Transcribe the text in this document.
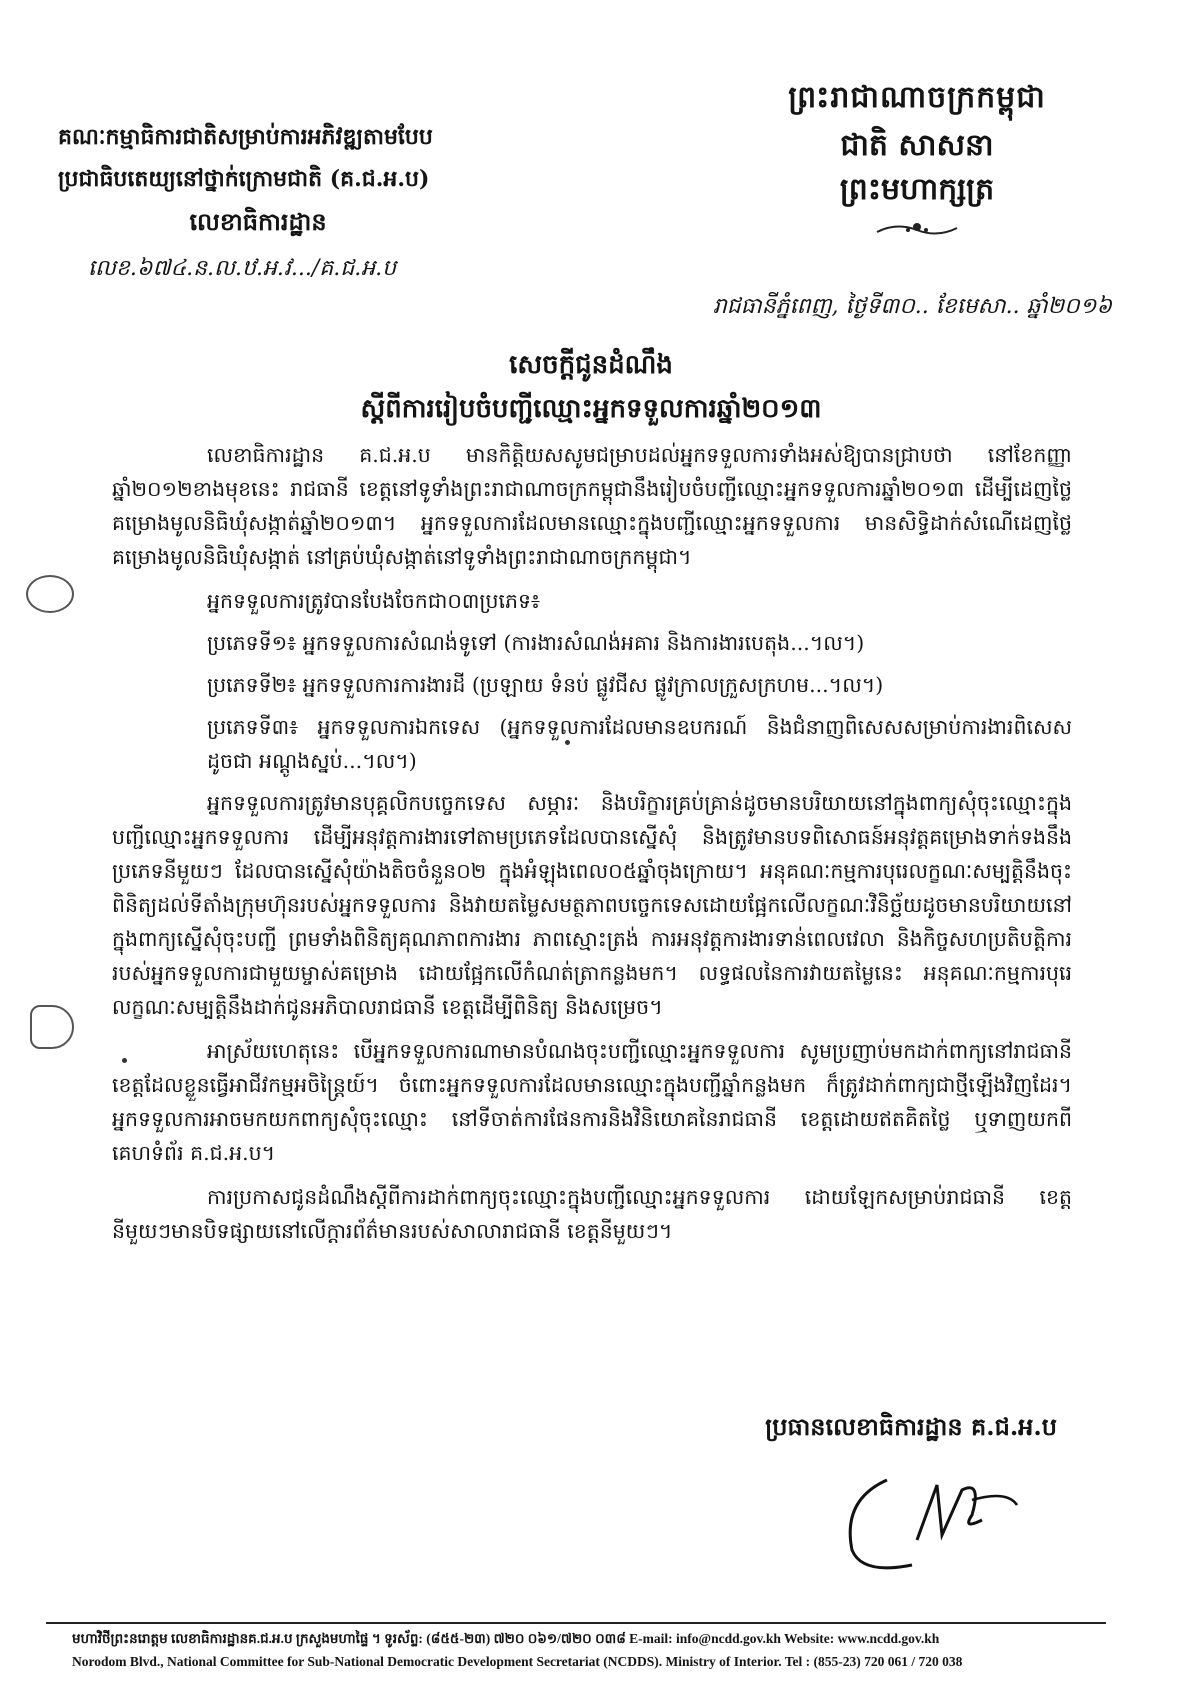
ព្រះរាជាណាចក្រកម្ពុជា
ជាតិ សាសនា ព្រះមហាក្សត្រ
គណៈកម្មាធិការជាតិសម្រាប់ការអភិវឌ្ឍតាមបែប
ប្រជាធិបតេយ្យនៅថ្នាក់ក្រោមជាតិ (គ.ជ.អ.ប)
លេខាធិការដ្ឋាន
លេខ.៦៧៤.ន.ល.ឋ.អ.វ.../គ.ជ.អ.ប
រាជធានីភ្នំពេញ, ថ្ងៃទី៣០.. ខែមេសា.. ឆ្នាំ២០១៦
សេចក្តីជូនដំណឹង
ស្តីពីការរៀបចំបញ្ជីឈ្មោះអ្នកទទួលការឆ្នាំ២០១៣

លេខាធិការដ្ឋាន គ.ជ.អ.ប មានកិត្តិយសសូមជម្រាបដល់អ្នកទទួលការទាំងអស់ឱ្យបានជ្រាបថា នៅខែកញ្ញា ឆ្នាំ២០១២ខាងមុខនេះ រាជធានី ខេត្តនៅទូទាំងព្រះរាជាណាចក្រកម្ពុជានឹងរៀបចំបញ្ជីឈ្មោះអ្នកទទួលការឆ្នាំ២០១៣ ដើម្បីដេញថ្លៃគម្រោងមូលនិធិឃុំសង្កាត់ឆ្នាំ២០១៣។ អ្នកទទួលការដែលមានឈ្មោះក្នុងបញ្ជីឈ្មោះអ្នកទទួលការ មានសិទ្ធិដាក់សំណើដេញថ្លៃគម្រោងមូលនិធិឃុំសង្កាត់ នៅគ្រប់ឃុំសង្កាត់នៅទូទាំងព្រះរាជាណាចក្រកម្ពុជា។

អ្នកទទួលការត្រូវបានបែងចែកជា០៣ប្រភេទ៖

ប្រភេទទី១៖ អ្នកទទួលការសំណង់ទូទៅ (ការងារសំណង់អគារ និងការងារបេតុង...។ល។)

ប្រភេទទី២៖ អ្នកទទួលការការងារដី (ប្រឡាយ ទំនប់ ផ្លូវជីស ផ្លូវក្រាលក្រួសក្រហម...។ល។)

ប្រភេទទី៣៖ អ្នកទទួលការឯកទេស (អ្នកទទួលការដែលមានឧបករណ៍ និងជំនាញពិសេសសម្រាប់ការងារពិសេស ដូចជា អណ្តូងស្នប់...។ល។)

អ្នកទទួលការត្រូវមានបុគ្គលិកបច្ចេកទេស សម្ភារៈ និងបរិក្ខារគ្រប់គ្រាន់ដូចមានបរិយាយនៅក្នុងពាក្យសុំចុះឈ្មោះក្នុងបញ្ជីឈ្មោះអ្នកទទួលការ ដើម្បីអនុវត្តការងារទៅតាមប្រភេទដែលបានស្នើសុំ និងត្រូវមានបទពិសោធន៍អនុវត្តគម្រោងទាក់ទងនឹងប្រភេទនីមួយៗ ដែលបានស្នើសុំយ៉ាងតិចចំនួន០២ ក្នុងអំឡុងពេល០៥ឆ្នាំចុងក្រោយ។ អនុគណៈកម្មការបុរេលក្ខណៈសម្បត្តិនឹងចុះពិនិត្យដល់ទីតាំងក្រុមហ៊ុនរបស់អ្នកទទួលការ និងវាយតម្លៃសមត្ថភាពបច្ចេកទេសដោយផ្អែកលើលក្ខណៈវិនិច្ឆ័យដូចមានបរិយាយនៅក្នុងពាក្យស្នើសុំចុះបញ្ជី ព្រមទាំងពិនិត្យគុណភាពការងារ ភាពស្មោះត្រង់ ការអនុវត្តការងារទាន់ពេលវេលា និងកិច្ចសហប្រតិបត្តិការរបស់អ្នកទទួលការជាមួយម្ចាស់គម្រោង ដោយផ្អែកលើកំណត់ត្រាកន្លងមក។ លទ្ធផលនៃការវាយតម្លៃនេះ អនុគណៈកម្មការបុរេលក្ខណៈសម្បត្តិនឹងដាក់ជូនអភិបាលរាជធានី ខេត្តដើម្បីពិនិត្យ និងសម្រេច។

អាស្រ័យហេតុនេះ បើអ្នកទទួលការណាមានបំណងចុះបញ្ជីឈ្មោះអ្នកទទួលការ សូមប្រញាប់មកដាក់ពាក្យនៅរាជធានី ខេត្តដែលខ្លួនធ្វើអាជីវកម្មអចិន្ត្រៃយ៍។ ចំពោះអ្នកទទួលការដែលមានឈ្មោះក្នុងបញ្ជីឆ្នាំកន្លងមក ក៏ត្រូវដាក់ពាក្យជាថ្មីឡើងវិញដែរ។ អ្នកទទួលការអាចមកយកពាក្យសុំចុះឈ្មោះ នៅទីចាត់ការផែនការនិងវិនិយោគនៃរាជធានី ខេត្តដោយឥតគិតថ្លៃ ឬទាញយកពីគេហទំព័រ គ.ជ.អ.ប។

ការប្រកាសជូនដំណឹងស្តីពីការដាក់ពាក្យចុះឈ្មោះក្នុងបញ្ជីឈ្មោះអ្នកទទួលការ ដោយឡែកសម្រាប់រាជធានី ខេត្តនីមួយៗមានបិទផ្សាយនៅលើក្តារព័ត៌មានរបស់សាលារាជធានី ខេត្តនីមួយៗ។

ប្រធានលេខាធិការដ្ឋាន គ.ជ.អ.ប
មហាវិថីព្រះនរោត្តម លេខាធិការដ្ឋានគ.ជ.អ.ប ក្រសួងមហាផ្ទៃ ។ ទូរស័ព្ទ: (៨៥៥-២៣) ៧២០ ០៦១/៧២០ ០៣៨ E-mail: info@ncdd.gov.kh Website: www.ncdd.gov.kh
Norodom Blvd., National Committee for Sub-National Democratic Development Secretariat (NCDDS). Ministry of Interior. Tel : (855-23) 720 061 / 720 038
